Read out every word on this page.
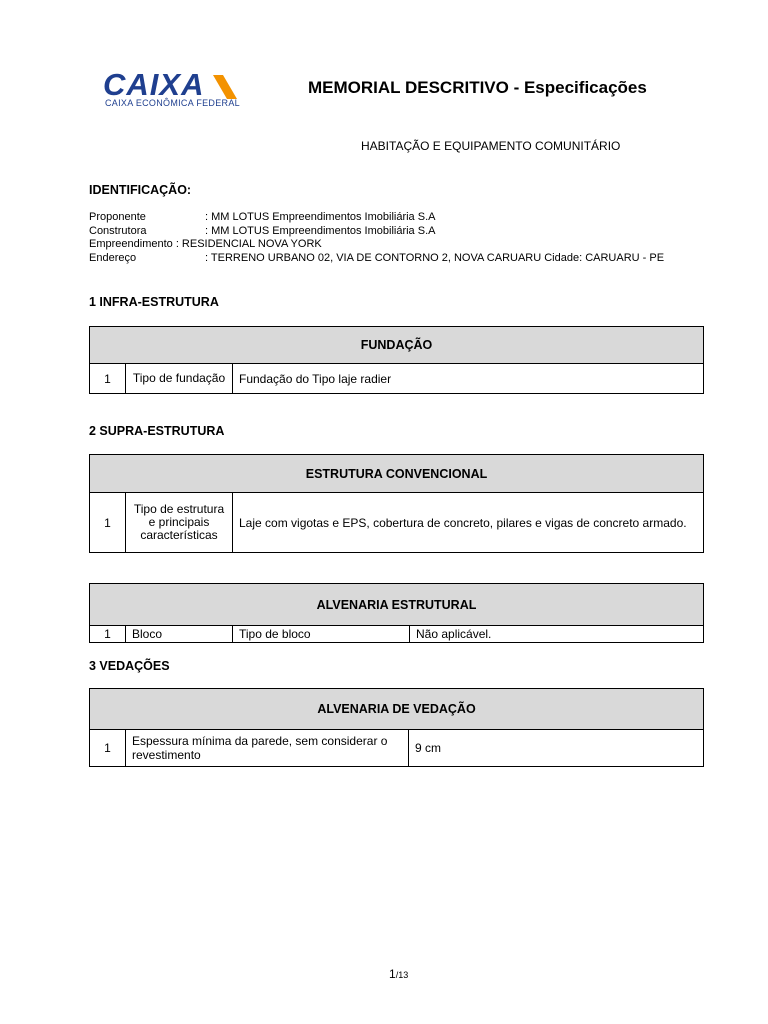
CAIXA
CAIXA ECONÔMICA FEDERAL
MEMORIAL DESCRITIVO - Especificações
HABITAÇÃO E EQUIPAMENTO COMUNITÁRIO
IDENTIFICAÇÃO:
Proponente	: MM LOTUS Empreendimentos Imobiliária S.A
Construtora	: MM LOTUS Empreendimentos Imobiliária S.A
Empreendimento : RESIDENCIAL NOVA YORK
Endereço	: TERRENO URBANO 02, VIA DE CONTORNO 2, NOVA CARUARU Cidade: CARUARU - PE
1 INFRA-ESTRUTURA
FUNDAÇÃO
1	Tipo de fundação	Fundação do Tipo laje radier
2 SUPRA-ESTRUTURA
ESTRUTURA CONVENCIONAL
1	Tipo de estrutura e principais características	Laje com vigotas e EPS, cobertura de concreto, pilares e vigas de concreto armado.
ALVENARIA ESTRUTURAL
1	Bloco	Tipo de bloco	Não aplicável.
3 VEDAÇÕES
ALVENARIA DE VEDAÇÃO
1	Espessura mínima da parede, sem considerar o revestimento	9 cm
1/13
